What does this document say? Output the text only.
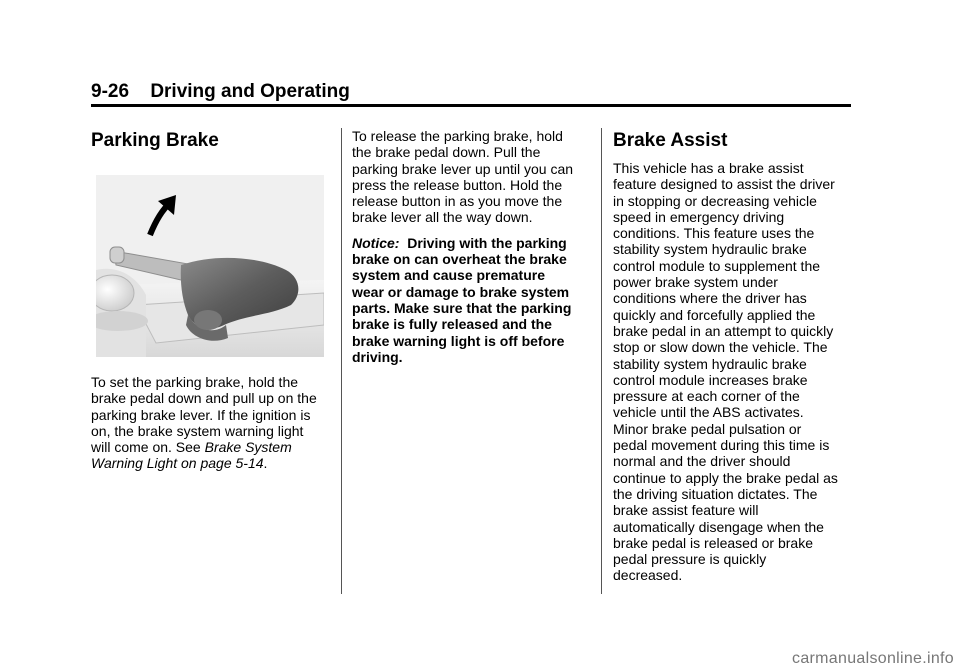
9-26 Driving and Operating
Parking Brake

To set the parking brake, hold the
brake pedal down and pull up on the
parking brake lever. If the ignition is
on, the brake system warning light
will come on. See Brake System
Warning Light on page 5-14.

To release the parking brake, hold
the brake pedal down. Pull the
parking brake lever up until you can
press the release button. Hold the
release button in as you move the
brake lever all the way down.

Notice: Driving with the parking
brake on can overheat the brake
system and cause premature
wear or damage to brake system
parts. Make sure that the parking
brake is fully released and the
brake warning light is off before
driving.

Brake Assist

This vehicle has a brake assist
feature designed to assist the driver
in stopping or decreasing vehicle
speed in emergency driving
conditions. This feature uses the
stability system hydraulic brake
control module to supplement the
power brake system under
conditions where the driver has
quickly and forcefully applied the
brake pedal in an attempt to quickly
stop or slow down the vehicle. The
stability system hydraulic brake
control module increases brake
pressure at each corner of the
vehicle until the ABS activates.
Minor brake pedal pulsation or
pedal movement during this time is
normal and the driver should
continue to apply the brake pedal as
the driving situation dictates. The
brake assist feature will
automatically disengage when the
brake pedal is released or brake
pedal pressure is quickly
decreased.

carmanualsonline.info
